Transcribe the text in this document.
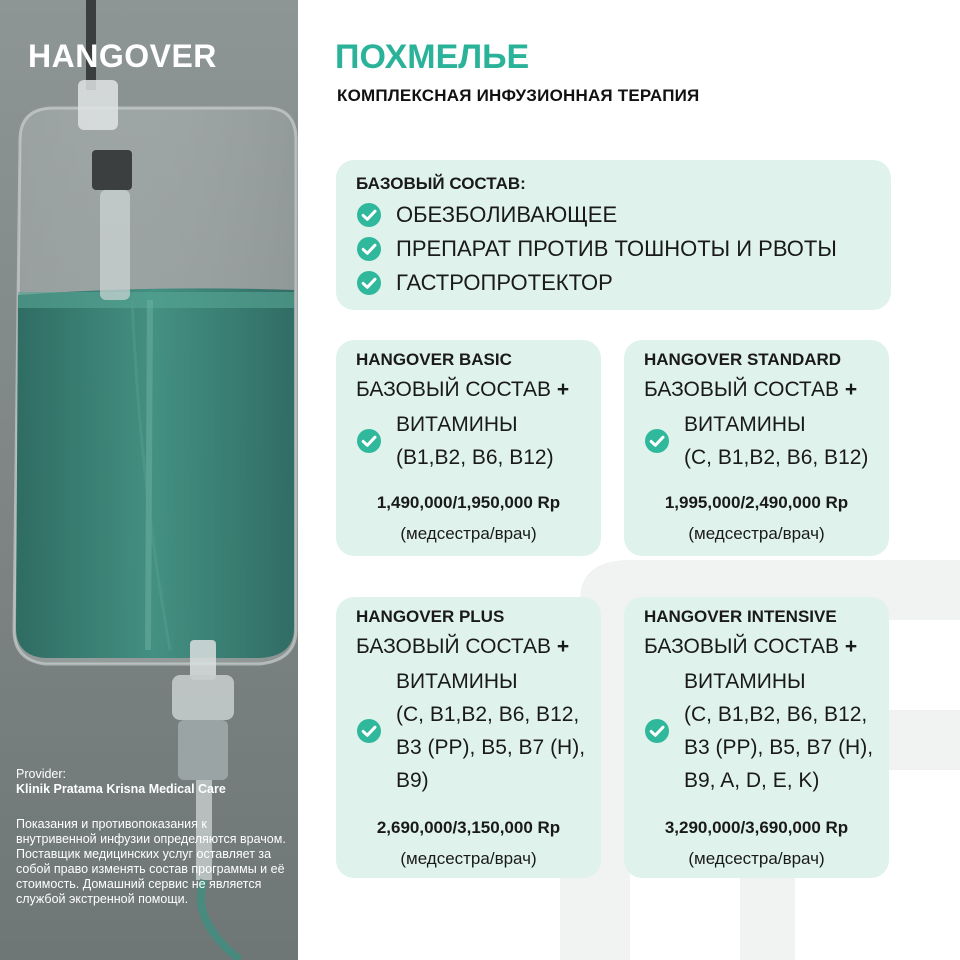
HANGOVER
Provider:
Klinik Pratama Krisna Medical Care

Показания и противопоказания к внутривенной инфузии определяются врачом. Поставщик медицинских услуг оставляет за собой право изменять состав программы и её стоимость. Домашний сервис не является службой экстренной помощи.

ПОХМЕЛЬЕ
КОМПЛЕКСНАЯ ИНФУЗИОННАЯ ТЕРАПИЯ

БАЗОВЫЙ СОСТАВ:

ОБЕЗБОЛИВАЮЩЕЕ
ПРЕПАРАТ ПРОТИВ ТОШНОТЫ И РВОТЫ
ГАСТРОПРОТЕКТОР

HANGOVER BASIC

БАЗОВЫЙ СОСТАВ +
ВИТАМИНЫ
(B1,B2, B6, B12)
1,490,000/1,950,000 Rp
(медсестра/врач)

HANGOVER STANDARD

БАЗОВЫЙ СОСТАВ +
ВИТАМИНЫ
(C, B1,B2, B6, B12)
1,995,000/2,490,000 Rp
(медсестра/врач)

HANGOVER PLUS

БАЗОВЫЙ СОСТАВ +
ВИТАМИНЫ
(C, B1,B2, B6, B12,
B3 (PP), B5, B7 (H),
B9)
2,690,000/3,150,000 Rp
(медсестра/врач)

HANGOVER INTENSIVE

БАЗОВЫЙ СОСТАВ +
ВИТАМИНЫ
(C, B1,B2, B6, B12,
B3 (PP), B5, B7 (H),
B9, A, D, E, K)
3,290,000/3,690,000 Rp
(медсестра/врач)
